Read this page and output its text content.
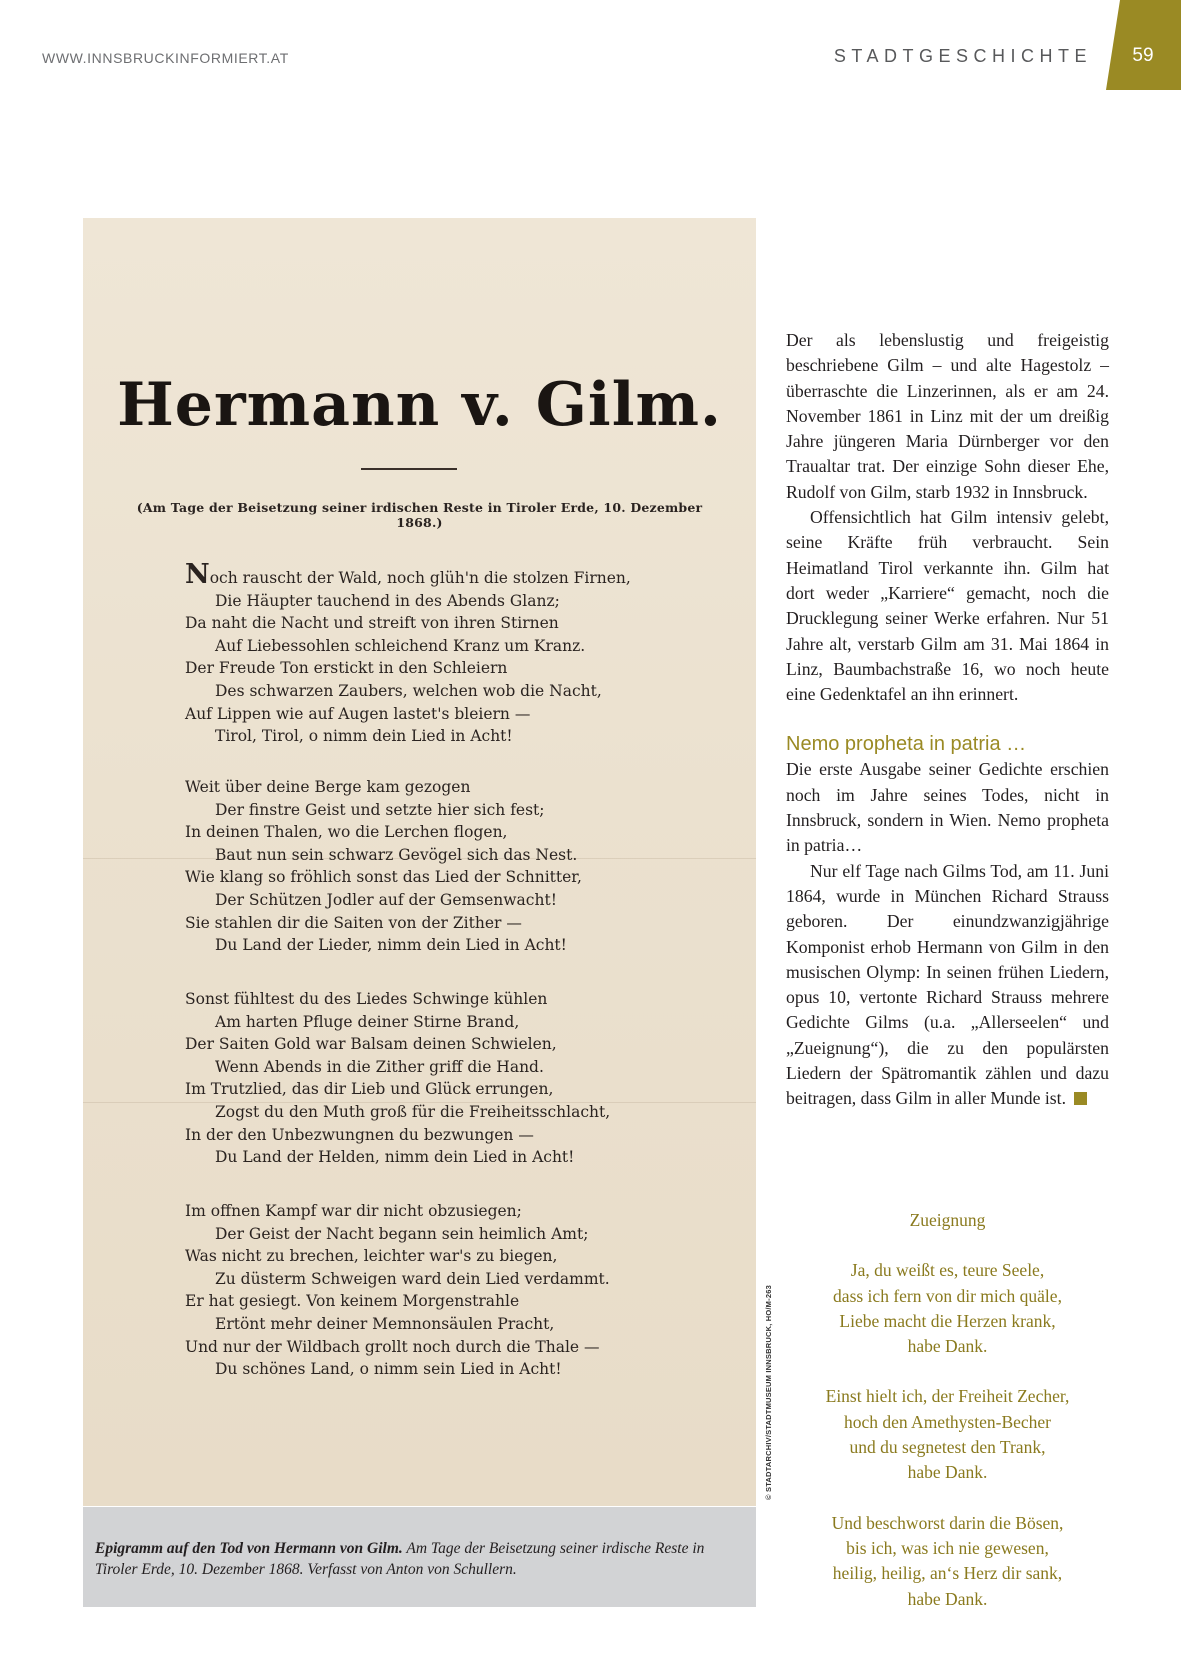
WWW.INNSBRUCKINFORMIERT.AT	STADTGESCHICHTE	59
Hermann v. Gilm.
(Am Tage der Beisetzung seiner irdischen Reste in Tiroler Erde, 10. Dezember 1868.)
Noch rauscht der Wald, noch glüh'n die stolzen Firnen,
Die Häupter tauchend in des Abends Glanz;
Da naht die Nacht und streift von ihren Stirnen
Auf Liebessohlen schleichend Kranz um Kranz.
Der Freude Ton erstickt in den Schleiern
Des schwarzen Zaubers, welchen wob die Nacht,
Auf Lippen wie auf Augen lastet's bleiern —
Tirol, Tirol, o nimm dein Lied in Acht!
Weit über deine Berge kam gezogen
Der finstre Geist und setzte hier sich fest;
In deinen Thalen, wo die Lerchen flogen,
Baut nun sein schwarz Gevögel sich das Nest.
Wie klang so fröhlich sonst das Lied der Schnitter,
Der Schützen Jodler auf der Gemsenwacht!
Sie stahlen dir die Saiten von der Zither —
Du Land der Lieder, nimm dein Lied in Acht!
Sonst fühltest du des Liedes Schwinge kühlen
Am harten Pfluge deiner Stirne Brand,
Der Saiten Gold war Balsam deinen Schwielen,
Wenn Abends in die Zither griff die Hand.
Im Trutzlied, das dir Lieb und Glück errungen,
Zogst du den Muth groß für die Freiheitsschlacht,
In der den Unbezwungnen du bezwungen —
Du Land der Helden, nimm dein Lied in Acht!
Im offnen Kampf war dir nicht obzusiegen;
Der Geist der Nacht begann sein heimlich Amt;
Was nicht zu brechen, leichter war's zu biegen,
Zu düsterm Schweigen ward dein Lied verdammt.
Er hat gesiegt. Von keinem Morgenstrahle
Ertönt mehr deiner Memnonsäulen Pracht,
Und nur der Wildbach grollt noch durch die Thale —
Du schönes Land, o nimm sein Lied in Acht!	© STADTARCHIV/STADTMUSEUM INNSBRUCK, HO/M-263
Epigramm auf den Tod von Hermann von Gilm. Am Tage der Beisetzung seiner irdische Reste in Tiroler Erde, 10. Dezember 1868. Verfasst von Anton von Schullern.

Der als lebenslustig und freigeistig beschriebene Gilm – und alte Hagestolz – überraschte die Linzerinnen, als er am 24. November 1861 in Linz mit der um dreißig Jahre jüngeren Maria Dürnberger vor den Traualtar trat. Der einzige Sohn dieser Ehe, Rudolf von Gilm, starb 1932 in Innsbruck.

Offensichtlich hat Gilm intensiv gelebt, seine Kräfte früh verbraucht. Sein Heimatland Tirol verkannte ihn. Gilm hat dort weder „Karriere“ gemacht, noch die Drucklegung seiner Werke erfahren. Nur 51 Jahre alt, verstarb Gilm am 31. Mai 1864 in Linz, Baumbachstraße 16, wo noch heute eine Gedenktafel an ihn erinnert.

Nemo propheta in patria …

Die erste Ausgabe seiner Gedichte erschien noch im Jahre seines Todes, nicht in Innsbruck, sondern in Wien. Nemo propheta in patria…

Nur elf Tage nach Gilms Tod, am 11. Juni 1864, wurde in München Richard Strauss geboren. Der einundzwanzigjährige Komponist erhob Hermann von Gilm in den musischen Olymp: In seinen frühen Liedern, opus 10, vertonte Richard Strauss mehrere Gedichte Gilms (u.a. „Allerseelen“ und „Zueignung“), die zu den populärsten Liedern der Spätromantik zählen und dazu beitragen, dass Gilm in aller Munde ist.

Zueignung
Ja, du weißt es, teure Seele,
dass ich fern von dir mich quäle,
Liebe macht die Herzen krank,
habe Dank.
Einst hielt ich, der Freiheit Zecher,
hoch den Amethysten-Becher
und du segnetest den Trank,
habe Dank.
Und beschworst darin die Bösen,
bis ich, was ich nie gewesen,
heilig, heilig, an‘s Herz dir sank,
habe Dank.
